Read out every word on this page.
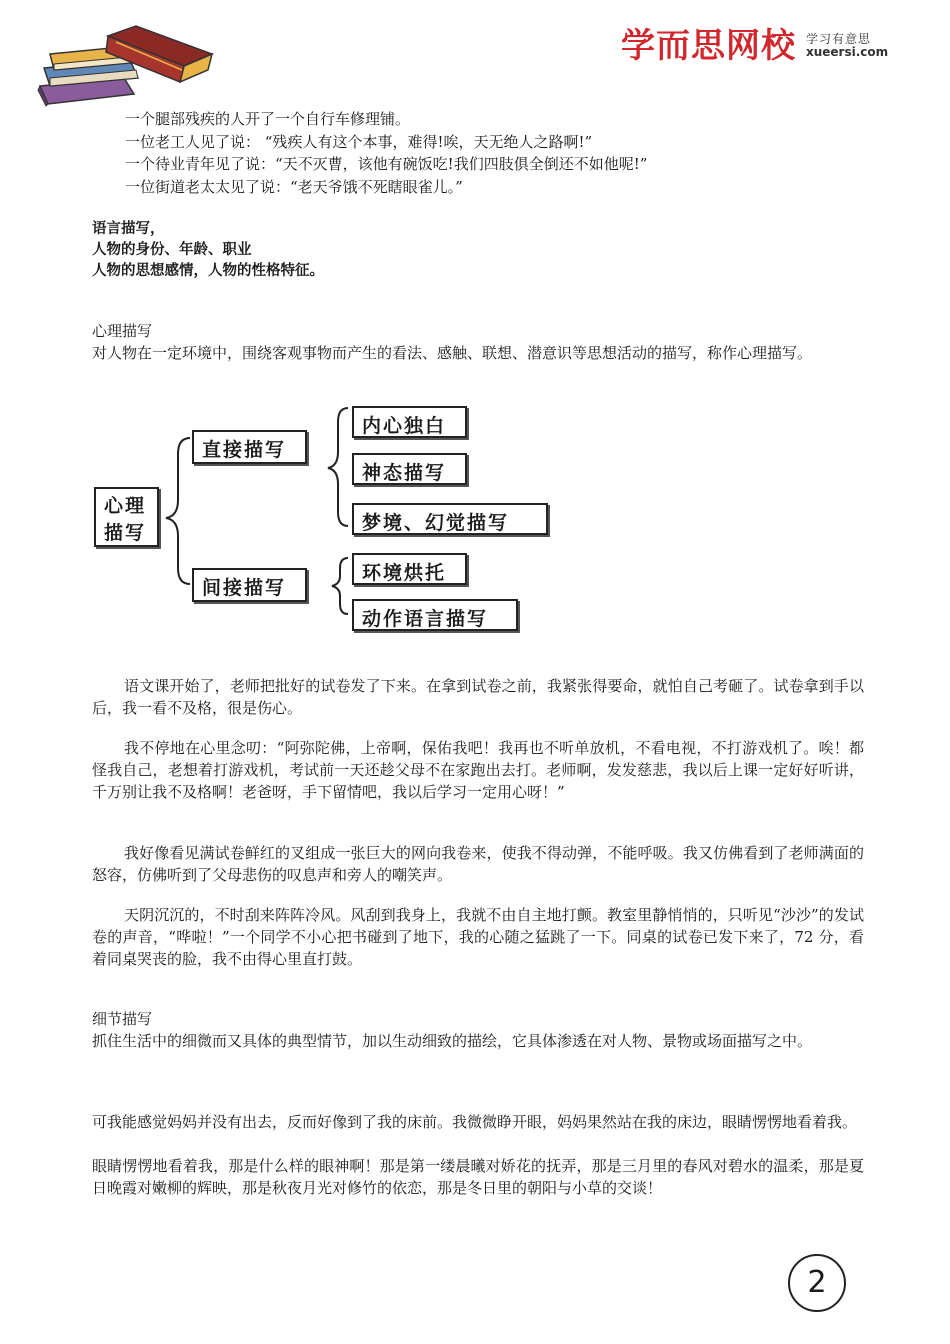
学而思网校 学习有意思
xueersi.com
一个腿部残疾的人开了一个自行车修理铺。
一位老工人见了说： “残疾人有这个本事，难得!唉，天无绝人之路啊!”
一个待业青年见了说：“天不灭曹，该他有碗饭吃!我们四肢俱全倒还不如他呢!”
一位街道老太太见了说：“老天爷饿不死瞎眼雀儿。”
语言描写，
人物的身份、年龄、职业
人物的思想感情，人物的性格特征。
心理描写
对人物在一定环境中，围绕客观事物而产生的看法、感触、联想、潜意识等思想活动的描写，称作心理描写。
心理
描写
直接描写
间接描写
内心独白
神态描写
梦境、幻觉描写
环境烘托
动作语言描写
语文课开始了，老师把批好的试卷发了下来。在拿到试卷之前，我紧张得要命，就怕自己考砸了。试卷拿到手以后，我一看不及格，很是伤心。
我不停地在心里念叨：“阿弥陀佛，上帝啊，保佑我吧！我再也不听单放机，不看电视，不打游戏机了。唉！都怪我自己，老想着打游戏机，考试前一天还趁父母不在家跑出去打。老师啊，发发慈悲，我以后上课一定好好听讲，千万别让我不及格啊！老爸呀，手下留情吧，我以后学习一定用心呀！”
我好像看见满试卷鲜红的叉组成一张巨大的网向我卷来，使我不得动弹，不能呼吸。我又仿佛看到了老师满面的怒容，仿佛听到了父母悲伤的叹息声和旁人的嘲笑声。
天阴沉沉的，不时刮来阵阵冷风。风刮到我身上，我就不由自主地打颤。教室里静悄悄的，只听见“沙沙”的发试卷的声音，“哗啦！”一个同学不小心把书碰到了地下，我的心随之猛跳了一下。同桌的试卷已发下来了，72 分，看着同桌哭丧的脸，我不由得心里直打鼓。
细节描写
抓住生活中的细微而又具体的典型情节，加以生动细致的描绘，它具体渗透在对人物、景物或场面描写之中。
可我能感觉妈妈并没有出去，反而好像到了我的床前。我微微睁开眼，妈妈果然站在我的床边，眼睛愣愣地看着我。
眼睛愣愣地看着我，那是什么样的眼神啊！那是第一缕晨曦对娇花的抚弄，那是三月里的春风对碧水的温柔，那是夏日晚霞对嫩柳的辉映，那是秋夜月光对修竹的依恋，那是冬日里的朝阳与小草的交谈！
2
